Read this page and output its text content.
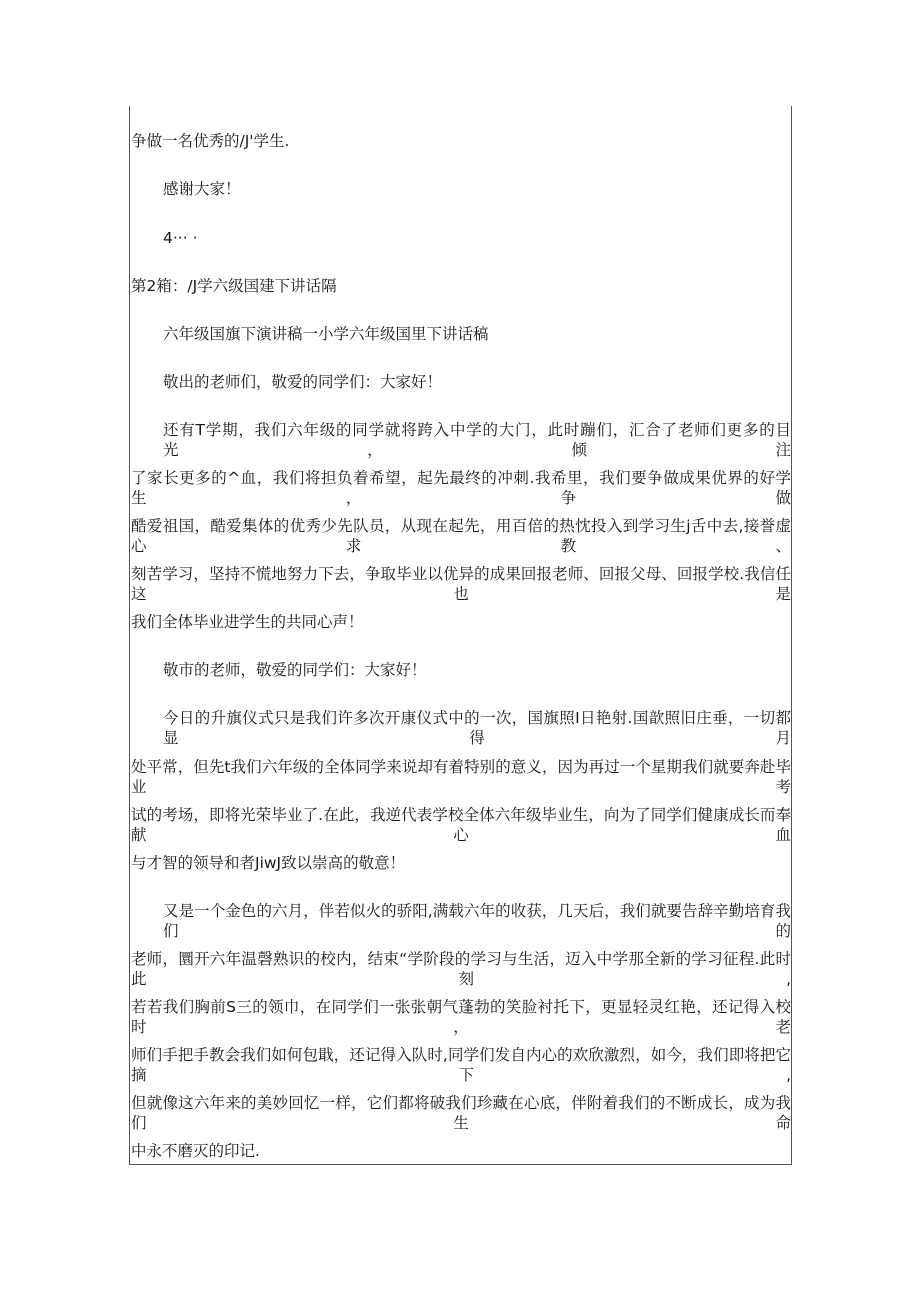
争做一名优秀的/J'学生.
感谢大家！
4··· ·
第2箱：/J学六级国建下讲话隔
六年级国旗下演讲稿一小学六年级国里下讲话稿
敬出的老师们，敬爱的同学们：大家好！
还有T学期，我们六年级的同学就将跨入中学的大门，此时蹦们，汇合了老师们更多的目光，倾注
了家长更多的^血，我们将担负着希望，起先最终的冲刺.我希里，我们要争做成果优界的好学生，争做
酷爱祖国，酷爱集体的优秀少先队员，从现在起先，用百倍的热忱投入到学习生j舌中去,接誉虚心求教、
刻苦学习，坚持不慌地努力下去，争取毕业以优异的成果回报老师、回报父母、回报学校.我信任这也是
我们全体毕业进学生的共同心声！
敬市的老师，敬爱的同学们：大家好！
今日的升旗仪式只是我们许多次开康仪式中的一次，国旗照I日艳射.国歆照旧庄垂，一切都显得月
处平常，但先t我们六年级的全体同学来说却有着特别的意义，因为再过一个星期我们就要奔赴毕业考
试的考场，即将光荣毕业了.在此，我逆代表学校全体六年级毕业生，向为了同学们健康成长而奉献心血
与才智的领导和者JiwJ致以崇高的敬意！
又是一个金色的六月，伴若似火的骄阳,满载六年的收获，几天后，我们就要告辞辛勤培育我们的
老师，圜开六年温磬熟识的校内，结束“学阶段的学习与生活，迈入中学那全新的学习征程.此时此刻,
若若我们胸前S三的领巾，在同学们一张张朝气蓬勃的笑脸衬托下，更显轻灵红艳，还记得入校时，老
师们手把手教会我们如何包戢，还记得入队时,同学们发自内心的欢欣激烈，如今，我们即将把它摘下,
但就像这六年来的美妙回忆一样，它们都将破我们珍藏在心底，伴附着我们的不断成长，成为我们生命
中永不磨灭的印记.
